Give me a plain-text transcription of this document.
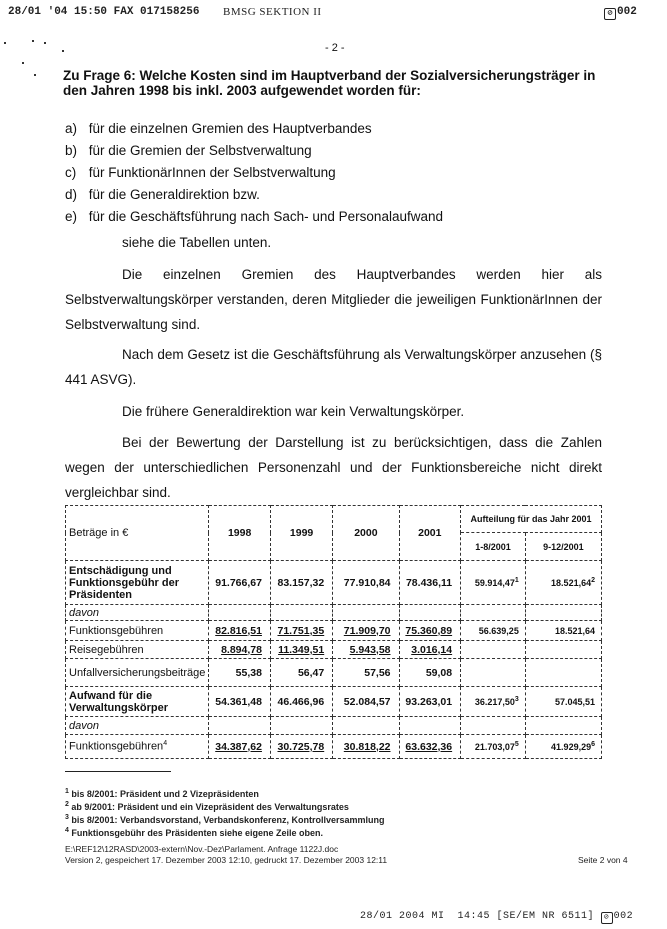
28/01 '04 15:50 FAX 017158256 BMSG SEKTION II	⊘ 002
- 2 -
Zu Frage 6: Welche Kosten sind im Hauptverband der Sozialversicherungsträger in den Jahren 1998 bis inkl. 2003 aufgewendet worden für:
a) für die einzelnen Gremien des Hauptverbandes
b) für die Gremien der Selbstverwaltung
c) für FunktionärInnen der Selbstverwaltung
d) für die Generaldirektion bzw.
e) für die Geschäftsführung nach Sach- und Personalaufwand
siehe die Tabellen unten.
Die einzelnen Gremien des Hauptverbandes werden hier als Selbstverwaltungskörper verstanden, deren Mitglieder die jeweiligen FunktionärInnen der Selbstverwaltung sind.
Nach dem Gesetz ist die Geschäftsführung als Verwaltungskörper anzusehen (§ 441 ASVG).
Die frühere Generaldirektion war kein Verwaltungskörper.
Bei der Bewertung der Darstellung ist zu berücksichtigen, dass die Zahlen wegen der unterschiedlichen Personenzahl und der Funktionsbereiche nicht direkt vergleichbar sind.
Beträge in €	1998	1999	2000	2001	Aufteilung für das Jahr 2001	
					1-8/2001	9-12/2001
Entschädigung und Funktionsgebühr der Präsidenten	91.766,67	83.157,32	77.910,84	78.436,11	59.914,47$^1$	18.521,64$^2$
davon						
Funktionsgebühren	82.816,51	71.751,35	71.909,70	75.360,89	56.639,25	18.521,64
Reisegebühren	8.894,78	11.349,51	5.943,58	3.016,14		
Unfallversicherungsbeiträge	55,38	56,47	57,56	59,08		
Aufwand für die Verwaltungskörper	54.361,48	46.466,96	52.084,57	93.263,01	36.217,50$^3$	57.045,51
davon						
Funktionsgebühren$^4$	34.387,62	30.725,78	30.818,22	63.632,36	21.703,07$^5$	41.929,29$^6$
$^1$ bis 8/2001: Präsident und 2 Vizepräsidenten
$^2$ ab 9/2001: Präsident und ein Vizepräsident des Verwaltungsrates
$^3$ bis 8/2001: Verbandsvorstand, Verbandskonferenz, Kontrollversammlung
$^4$ Funktionsgebühr des Präsidenten siehe eigene Zeile oben.
E:\REF12\12RASD\2003-extern\Nov.-Dez\Parlament. Anfrage 1122J.doc
Version 2, gespeichert 17. Dezember 2003 12:10, gedruckt 17. Dezember 2003 12:11	Seite 2 von 4
28/01 2004 MI  14:45 [SE/EM NR 6511] ⊘ 002
